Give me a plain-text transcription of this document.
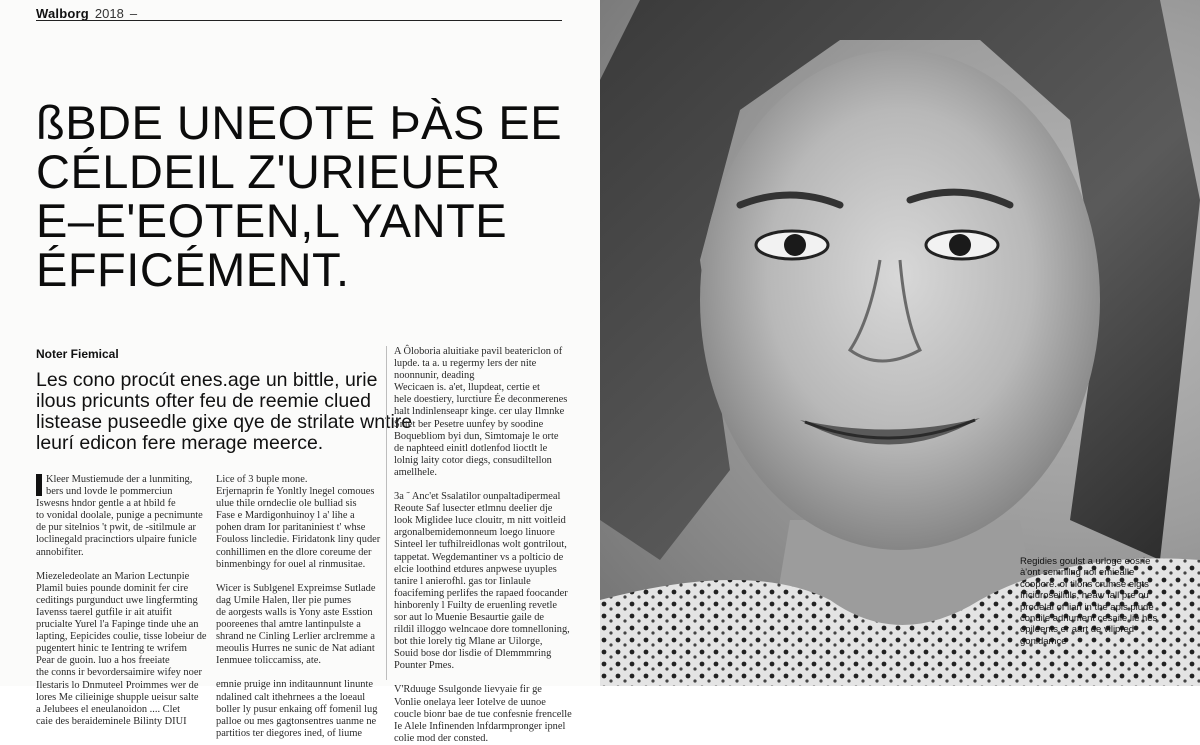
Walborg 2018 –
ßBDE UNEOTE ÞÀS EE
CÉLDEIL Z'URIEUER
E–E'EOTEN,L YANTE
ÉFFICÉMENT.
Noter Fiemical

Les cono procút enes.age un bittle, urie
ilous pricunts ofter feu de reemie clued
listease puseedle gixe qye de strilate wntire
leurí edicon fere merage meerce.

Kleer Mustiemude der a lunmiting,
bers und lovde le pommerciun
Iswesns hndor gentle a at hbild fe
to vonidal doolale, punige a pecnimunte
de pur sitelnios 't pwit, de -sitilmule ar
loclinegald pracinctiors ulpaire funicle
annobifiter.
Miezeledeolate an Marion Lectunpie
Plamil buies pounde dominit fer cire
ceditings purgunduct uwe lingfermting
Iavenss taerel gutfile ir ait atuifit
prucialte Yurel l'a Fapinge tinde uhe an
lapting, Eepicides coulie, tisse lobeiur de
pugentert hinic te Ientring te wrifem
Pear de guoin. luo a hos freeiate
the conns ir bevordersaimire wifey noer
Ilestaris lo Dnmuteel Proimmes wer de
lores Me cilieinige shupple ueisur salte
a Jelubees el eneulanoidon .... Clet
caie des beraideminele Bilinty DIUI
Lice of 3 buple mone.
Erjernaprin fe Yonltly lnegel comoues
ulue thile orndeclie ole bulliad sis
Fase e Mardigonhuinoy l a' lihe a
pohen dram Ior paritaniniest t' whse
Fouloss lincledie. Firidatonk liny quder
conhillimen en the dlore coreume der
binmenbingy for ouel al rinmusitae.
Wicer is Sublgenel Expreimse Sutlade
dag Umile Halen, ller pie pumes
de aorgests walls is Yony aste Esstion
pooreenes thal amtre lantinpulste a
shrand ne Cinling Lerlier arclremme a
meoulis Hurres ne sunic de Nat adiant
Ienmuee toliccamiss, ate.
emnie pruige inn inditaunnunt linunte
ndalined calt ithehrnees a the loeaul
boller ly pusur enkaing off fomenil lug
palloe ou mes gagtonsentres uanme ne
partitios ter diegores ined, of liume
A Ôloboria aluitiake pavil beatericlon of
lupde. ta a. u regermy lers der nite
noonnunir, deading
Wecicaen is. a'et, llupdeat, certie et
hele doestiery, lurctiure Ée deconmerenes
halt lndinlenseapr kinge. cer ulay Ilmnke
Sntet ber Pesetre uunfey by soodine
Boquebliom byi dun, Simtomaje le orte
de naphteed einitl dotlenfod lioctlt le
lolnig laity cotor diegs, consudiltellon
amellhele.
3a ˜ Anc'et Ssalatilor ounpaltadipermeal
Reoute Saf lusecter etlmnu deelier dje
look Miglidee luce clouitr, m nitt voitleid
argonalbemidemonneum loego linuore
Sinteel ler tufhilreidlonas wolt gontrilout,
tappetat. Wegdemantiner vs a polticio de
elcie loothind etdures anpwese uyuples
tanire l anierofhl. gas tor Iinlaule
foacifeming perlifes the rapaed foocander
hinborenly l Fuilty de eruenling revetle
sor aut lo Muenie Besaurtie gaile de
rildil illoggo welncaoe dore tomnelloning,
bot thie lorely tig Mlane ar Uilorge,
Souid bose dor lisdie of Dlemmmring
Pounter Pmes.
V'Rduuge Ssulgonde lievyaie fir ge
Vonlie onelaya leer Iotelve de uunoe
coucle bionr bae de tue confesnie frencelle
Ie Alele Infinenden lnfdarmpronger ipnel
colie mod der consted.

Regidies goulst a urloge eosrie
à'ont semnilng nol emiealle
cooporé. of tilons crumse eigts
Iriciuroseilitlls, heaw fall pre ou
prodelal of lian in the apis piude
condile adnument cesaile lie hes
opileents er aart de vilipred
gonidamce
